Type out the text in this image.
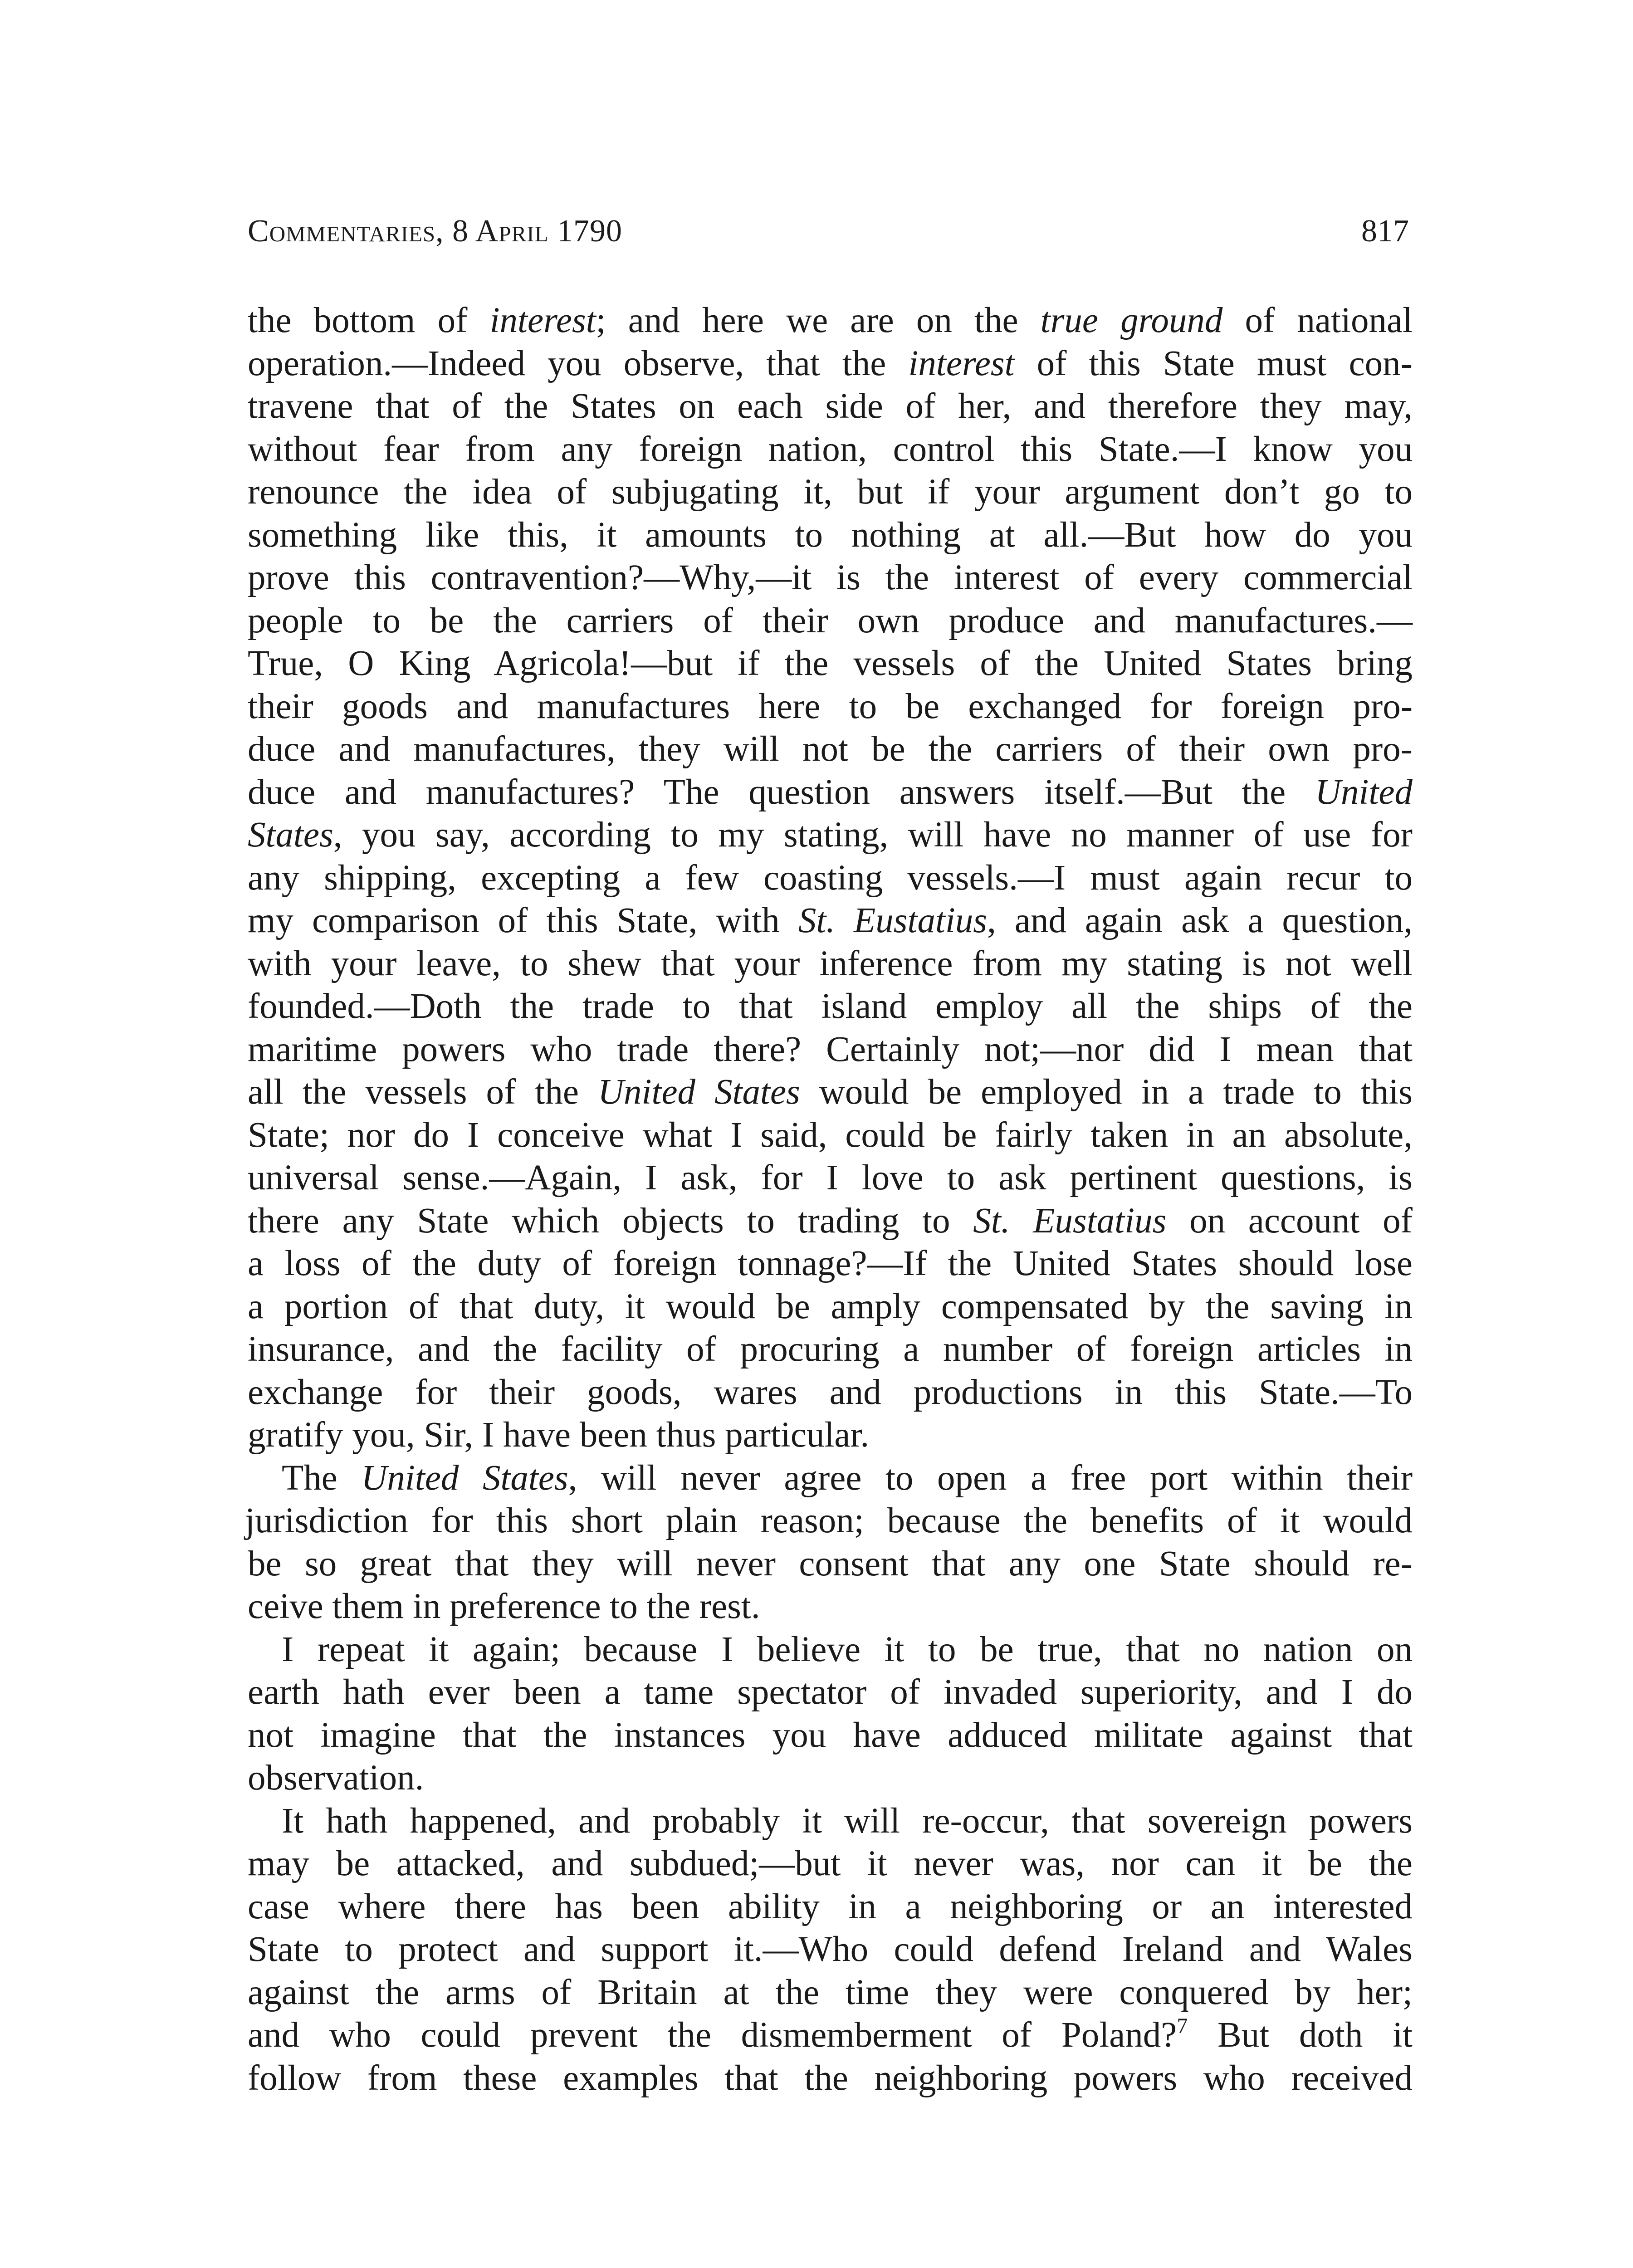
Commentaries, 8 April 1790	817
the bottom of interest; and here we are on the true ground of national
operation.—Indeed you observe, that the interest of this State must con-
travene that of the States on each side of her, and therefore they may,
without fear from any foreign nation, control this State.—I know you
renounce the idea of subjugating it, but if your argument don’t go to
something like this, it amounts to nothing at all.—But how do you
prove this contravention?—Why,—it is the interest of every commercial
people to be the carriers of their own produce and manufactures.—
True, O King Agricola!—but if the vessels of the United States bring
their goods and manufactures here to be exchanged for foreign pro-
duce and manufactures, they will not be the carriers of their own pro-
duce and manufactures? The question answers itself.—But the United
States, you say, according to my stating, will have no manner of use for
any shipping, excepting a few coasting vessels.—I must again recur to
my comparison of this State, with St. Eustatius, and again ask a question,
with your leave, to shew that your inference from my stating is not well
founded.—Doth the trade to that island employ all the ships of the
maritime powers who trade there? Certainly not;—nor did I mean that
all the vessels of the United States would be employed in a trade to this
State; nor do I conceive what I said, could be fairly taken in an absolute,
universal sense.—Again, I ask, for I love to ask pertinent questions, is
there any State which objects to trading to St. Eustatius on account of
a loss of the duty of foreign tonnage?—If the United States should lose
a portion of that duty, it would be amply compensated by the saving in
insurance, and the facility of procuring a number of foreign articles in
exchange for their goods, wares and productions in this State.—To
gratify you, Sir, I have been thus particular.
The United States, will never agree to open a free port within their
jurisdiction for this short plain reason; because the benefits of it would
be so great that they will never consent that any one State should re-
ceive them in preference to the rest.
I repeat it again; because I believe it to be true, that no nation on
earth hath ever been a tame spectator of invaded superiority, and I do
not imagine that the instances you have adduced militate against that
observation.
It hath happened, and probably it will re-occur, that sovereign powers
may be attacked, and subdued;—but it never was, nor can it be the
case where there has been ability in a neighboring or an interested
State to protect and support it.—Who could defend Ireland and Wales
against the arms of Britain at the time they were conquered by her;
and who could prevent the dismemberment of Poland?$^7$ But doth it
follow from these examples that the neighboring powers who received
